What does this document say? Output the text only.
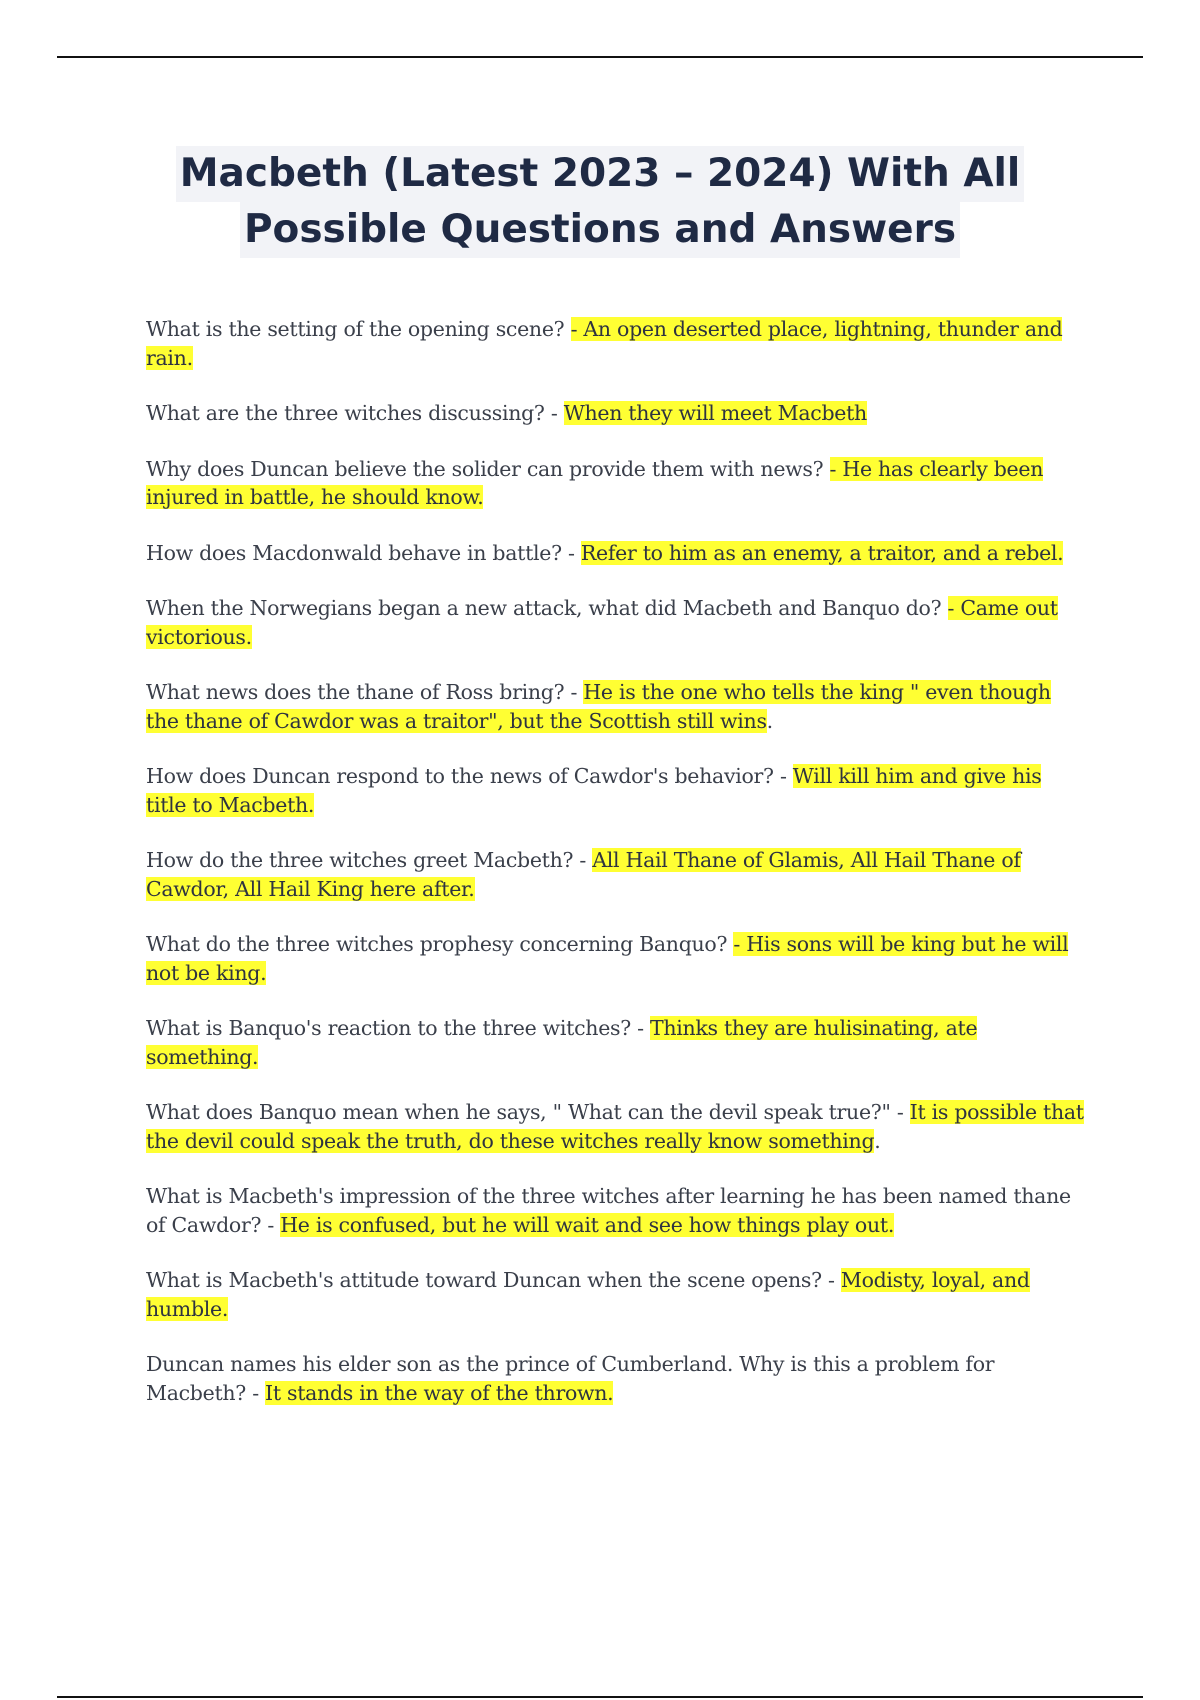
Macbeth (Latest 2023 – 2024) With All
Possible Questions and Answers
What is the setting of the opening scene? - An open deserted place, lightning, thunder and rain.
What are the three witches discussing? - When they will meet Macbeth
Why does Duncan believe the solider can provide them with news? - He has clearly been injured in battle, he should know.
How does Macdonwald behave in battle? - Refer to him as an enemy, a traitor, and a rebel.
When the Norwegians began a new attack, what did Macbeth and Banquo do? - Came out victorious.
What news does the thane of Ross bring? - He is the one who tells the king " even though the thane of Cawdor was a traitor", but the Scottish still wins.
How does Duncan respond to the news of Cawdor's behavior? - Will kill him and give his title to Macbeth.
How do the three witches greet Macbeth? - All Hail Thane of Glamis, All Hail Thane of Cawdor, All Hail King here after.
What do the three witches prophesy concerning Banquo? - His sons will be king but he will not be king.
What is Banquo's reaction to the three witches? - Thinks they are hulisinating, ate something.
What does Banquo mean when he says, " What can the devil speak true?" - It is possible that the devil could speak the truth, do these witches really know something.
What is Macbeth's impression of the three witches after learning he has been named thane of Cawdor? - He is confused, but he will wait and see how things play out.
What is Macbeth's attitude toward Duncan when the scene opens? - Modisty, loyal, and humble.
Duncan names his elder son as the prince of Cumberland. Why is this a problem for Macbeth? - It stands in the way of the thrown.
